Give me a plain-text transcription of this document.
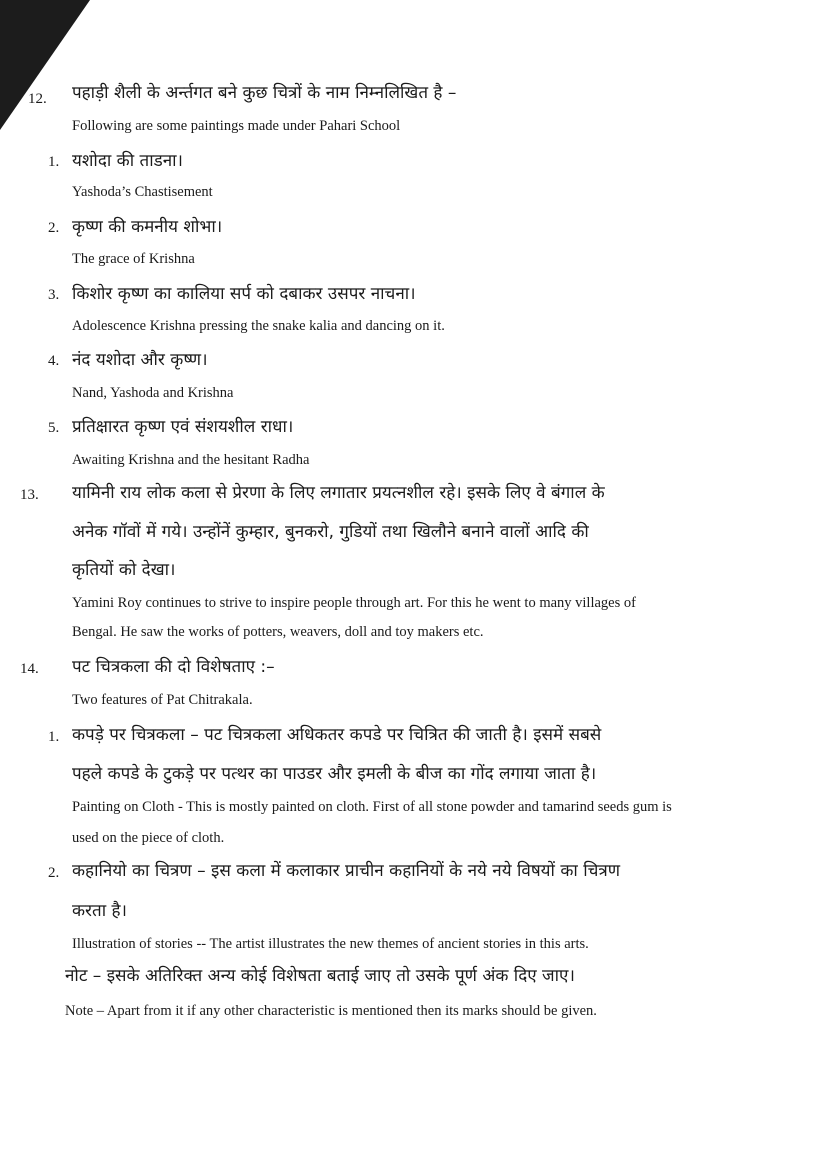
12. पहाड़ी शैली के अर्न्तगत बने कुछ चित्रों के नाम निम्नलिखित है –
Following are some paintings made under Pahari School
1. यशोदा की ताडना।
Yashoda’s Chastisement
2. कृष्ण की कमनीय शोभा।
The grace of Krishna
3. किशोर कृष्ण का कालिया सर्प को दबाकर उसपर नाचना।
Adolescence Krishna pressing the snake kalia and dancing on it.
4. नंद यशोदा और कृष्ण।
Nand, Yashoda and Krishna
5. प्रतिक्षारत कृष्ण एवं संशयशील राधा।
Awaiting Krishna and the hesitant Radha
13. यामिनी राय लोक कला से प्रेरणा के लिए लगातार प्रयत्नशील रहे। इसके लिए वे बंगाल के
अनेक गॉवों में गये। उन्होंनें कुम्हार, बुनकरो, गुडियों तथा खिलौने बनाने वालों आदि की
कृतियों को देखा।
Yamini Roy continues to strive to inspire people through art. For this he went to many villages of
Bengal. He saw the works of potters, weavers, doll and toy makers etc.
14. पट चित्रकला की दो विशेषताए :–
Two features of Pat Chitrakala.
1. कपड़े पर चित्रकला – पट चित्रकला अधिकतर कपडे पर चित्रित की जाती है। इसमें सबसे
पहले कपडे के टुकड़े पर पत्थर का पाउडर और इमली के बीज का गोंद लगाया जाता है।
Painting on Cloth - This is mostly painted on cloth. First of all stone powder and tamarind seeds gum is
used on the piece of cloth.
2. कहानियो का चित्रण – इस कला में कलाकार प्राचीन कहानियों के नये नये विषयों का चित्रण
करता है।
Illustration of stories -- The artist illustrates the new themes of ancient stories in this arts.
नोट – इसके अतिरिक्त अन्य कोई विशेषता बताई जाए तो उसके पूर्ण अंक दिए जाए।
Note – Apart from it if any other characteristic is mentioned then its marks should be given.
